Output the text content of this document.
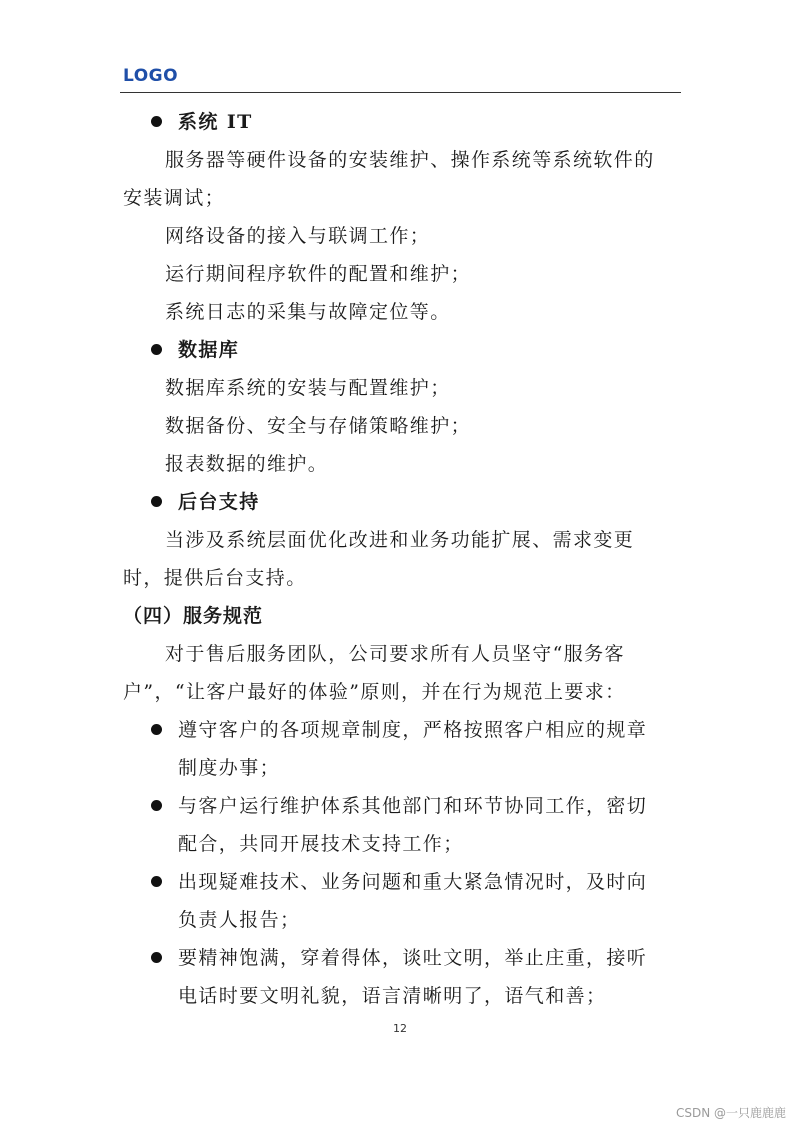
LOGO
系统 IT
服务器等硬件设备的安装维护、操作系统等系统软件的
安装调试；
网络设备的接入与联调工作；
运行期间程序软件的配置和维护；
系统日志的采集与故障定位等。
数据库
数据库系统的安装与配置维护；
数据备份、安全与存储策略维护；
报表数据的维护。
后台支持
当涉及系统层面优化改进和业务功能扩展、需求变更
时，提供后台支持。
（四）服务规范
对于售后服务团队，公司要求所有人员坚守“服务客
户”，“让客户最好的体验”原则，并在行为规范上要求：
遵守客户的各项规章制度，严格按照客户相应的规章
制度办事；
与客户运行维护体系其他部门和环节协同工作，密切
配合，共同开展技术支持工作；
出现疑难技术、业务问题和重大紧急情况时，及时向
负责人报告；
要精神饱满，穿着得体，谈吐文明，举止庄重，接听
电话时要文明礼貌，语言清晰明了，语气和善；
12
CSDN @一只鹿鹿鹿
